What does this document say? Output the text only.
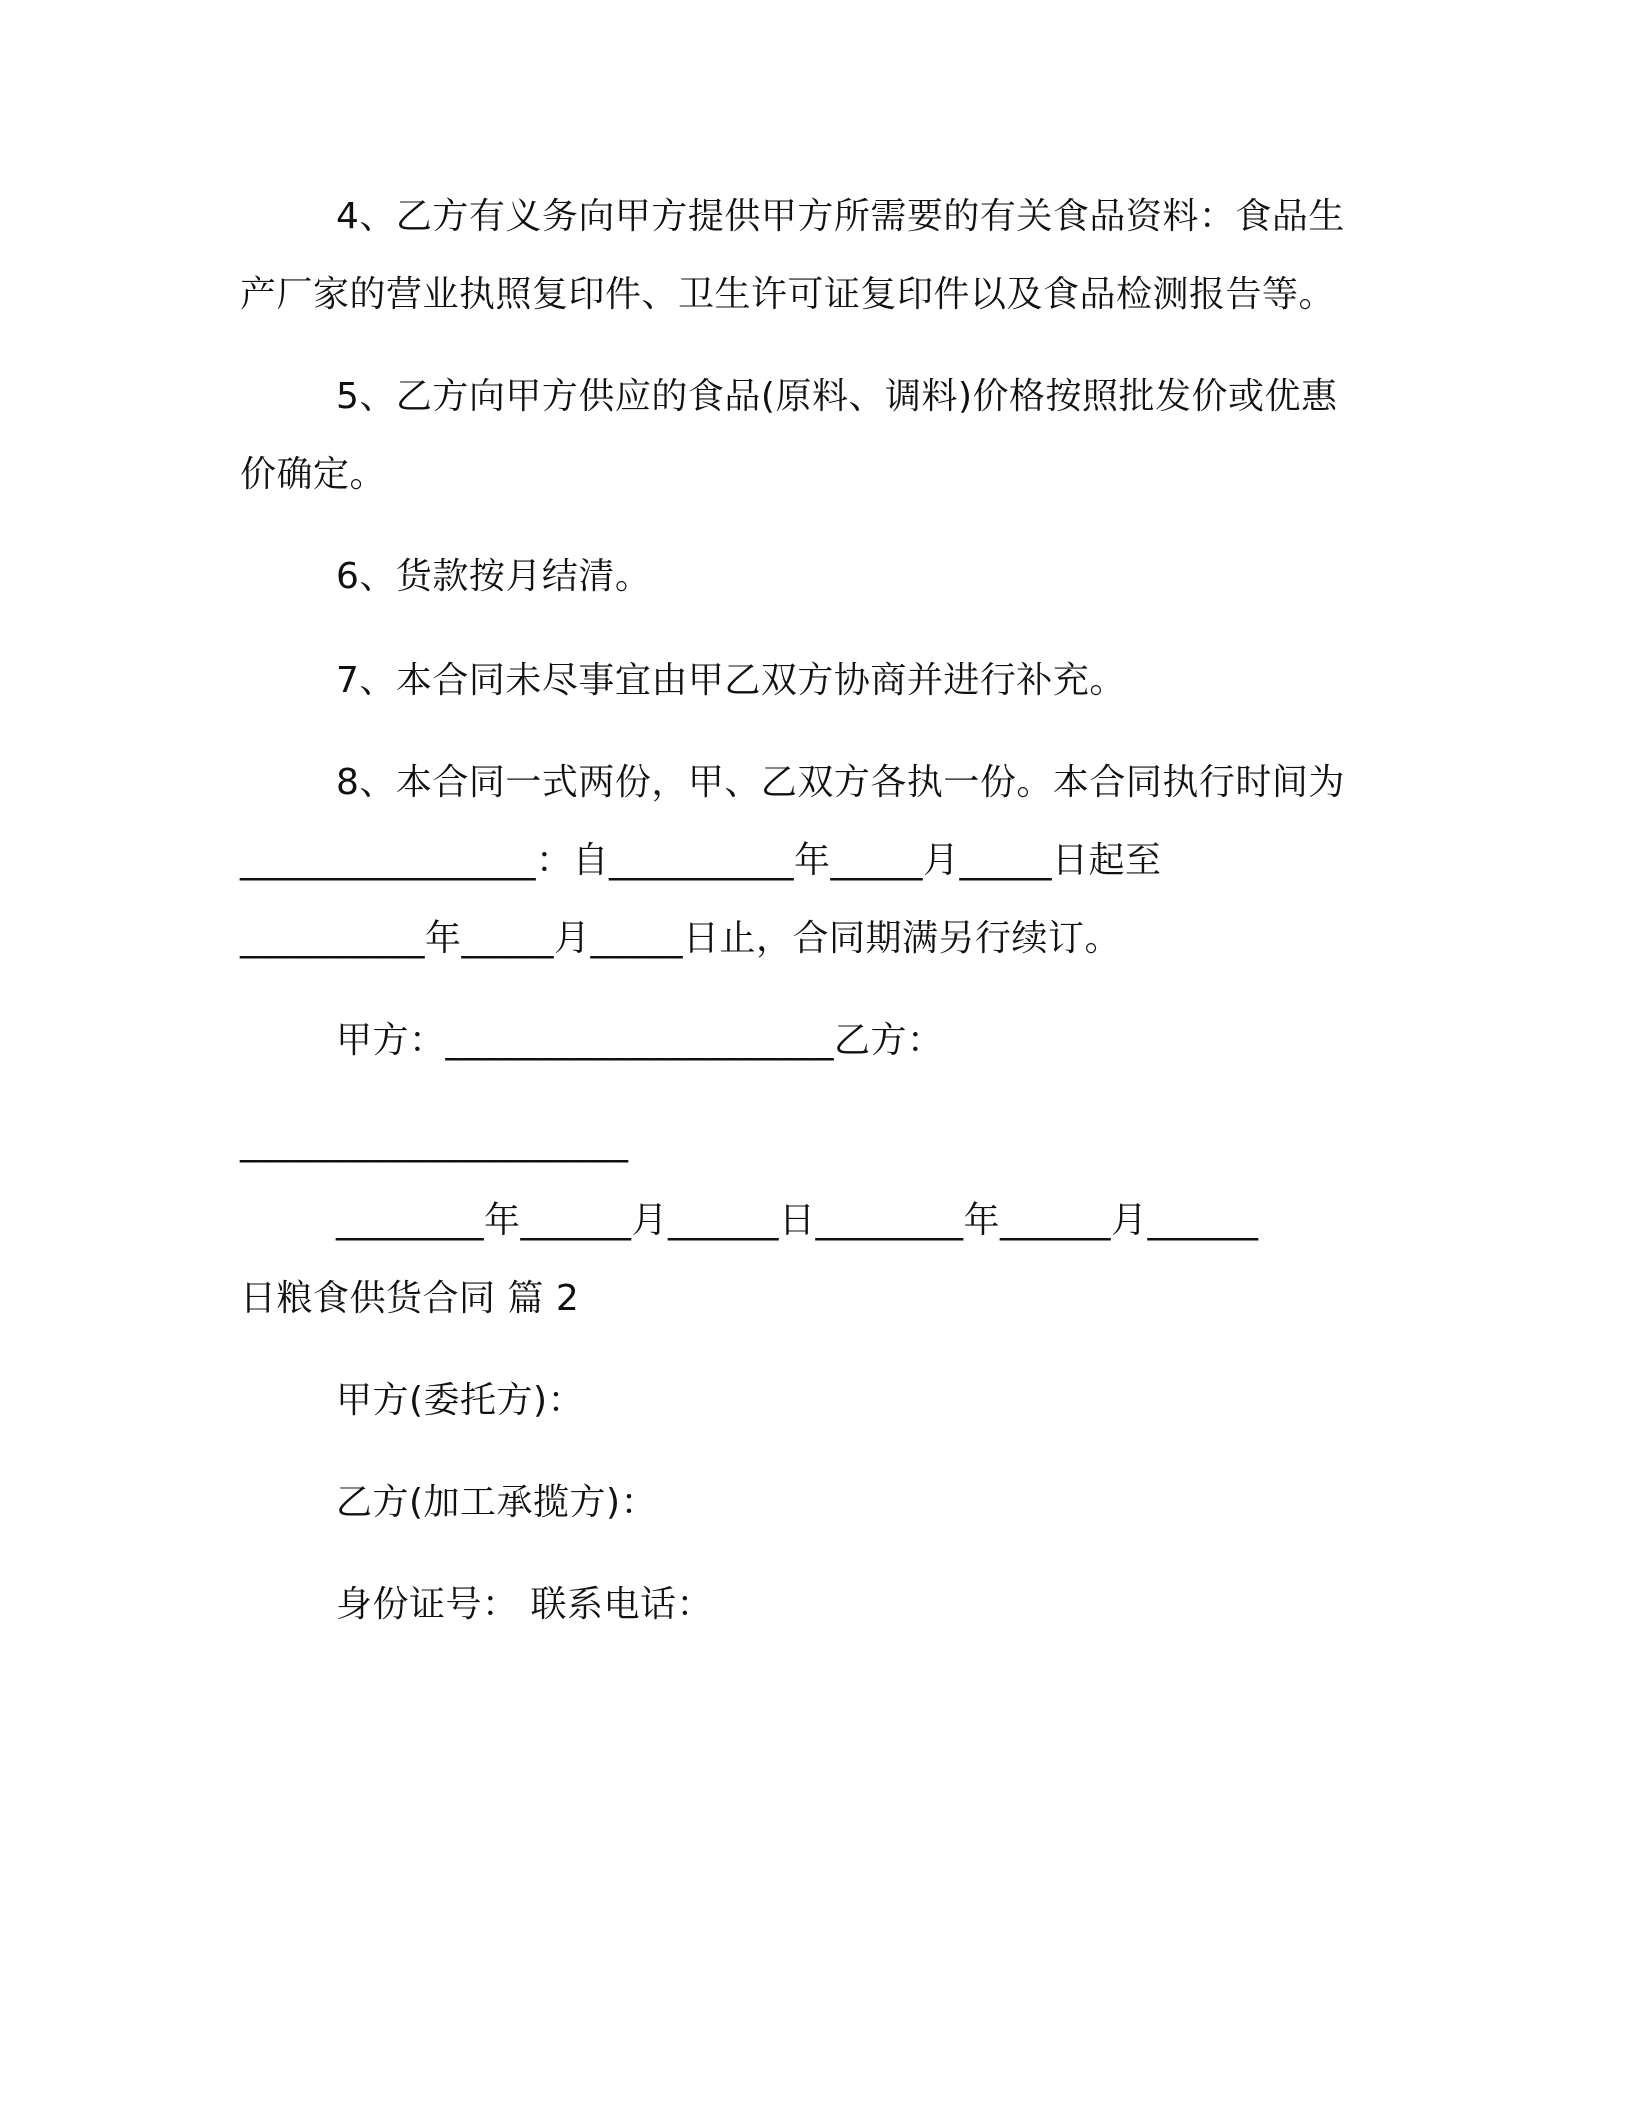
4、乙方有义务向甲方提供甲方所需要的有关食品资料：食品生
产厂家的营业执照复印件、卫生许可证复印件以及食品检测报告等。
5、乙方向甲方供应的食品(原料、调料)价格按照批发价或优惠
价确定。
6、货款按月结清。
7、本合同未尽事宜由甲乙双方协商并进行补充。
8、本合同一式两份，甲、乙双方各执一份。本合同执行时间为
________________：自__________年_____月_____日起至
__________年_____月_____日止，合同期满另行续订。
甲方：_____________________乙方：
_____________________
________年______月______日________年______月______
日粮食供货合同 篇 2
甲方(委托方)：
乙方(加工承揽方)：
身份证号： 联系电话：
